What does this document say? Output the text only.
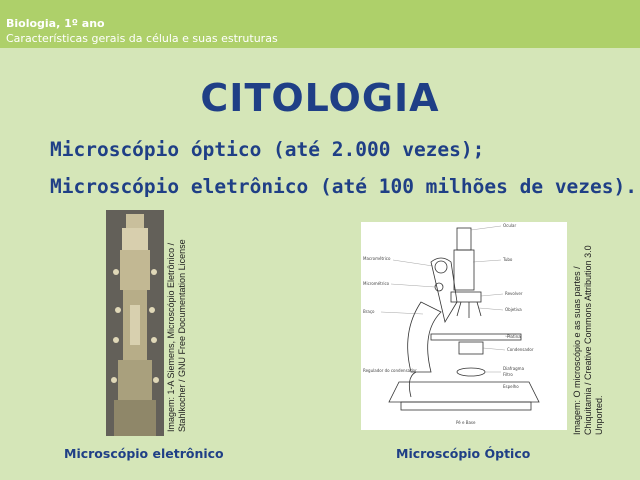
Biologia, 1º ano
Características gerais da célula e suas estruturas
CITOLOGIA
Microscópio óptico (até 2.000 vezes);
Microscópio eletrônico (até 100 milhões de vezes).
Imagem: 1-A Siemens, Microscópio Eletrônico / Stahlkocher / GNU Free Documentation License
Ocular
Tubo
Macrométrico
Micrométrico
Revolver
Objetiva
Braço
Platina
Condensador
Regulador do condensador	Diafragma
Filtro
Espelho
Pé e Base	Imagem: O microscópio e as suas partes / Chiquitamia / Creative Commons Attribution 3.0 Unported.
Microscópio eletrônico	Microscópio Óptico
